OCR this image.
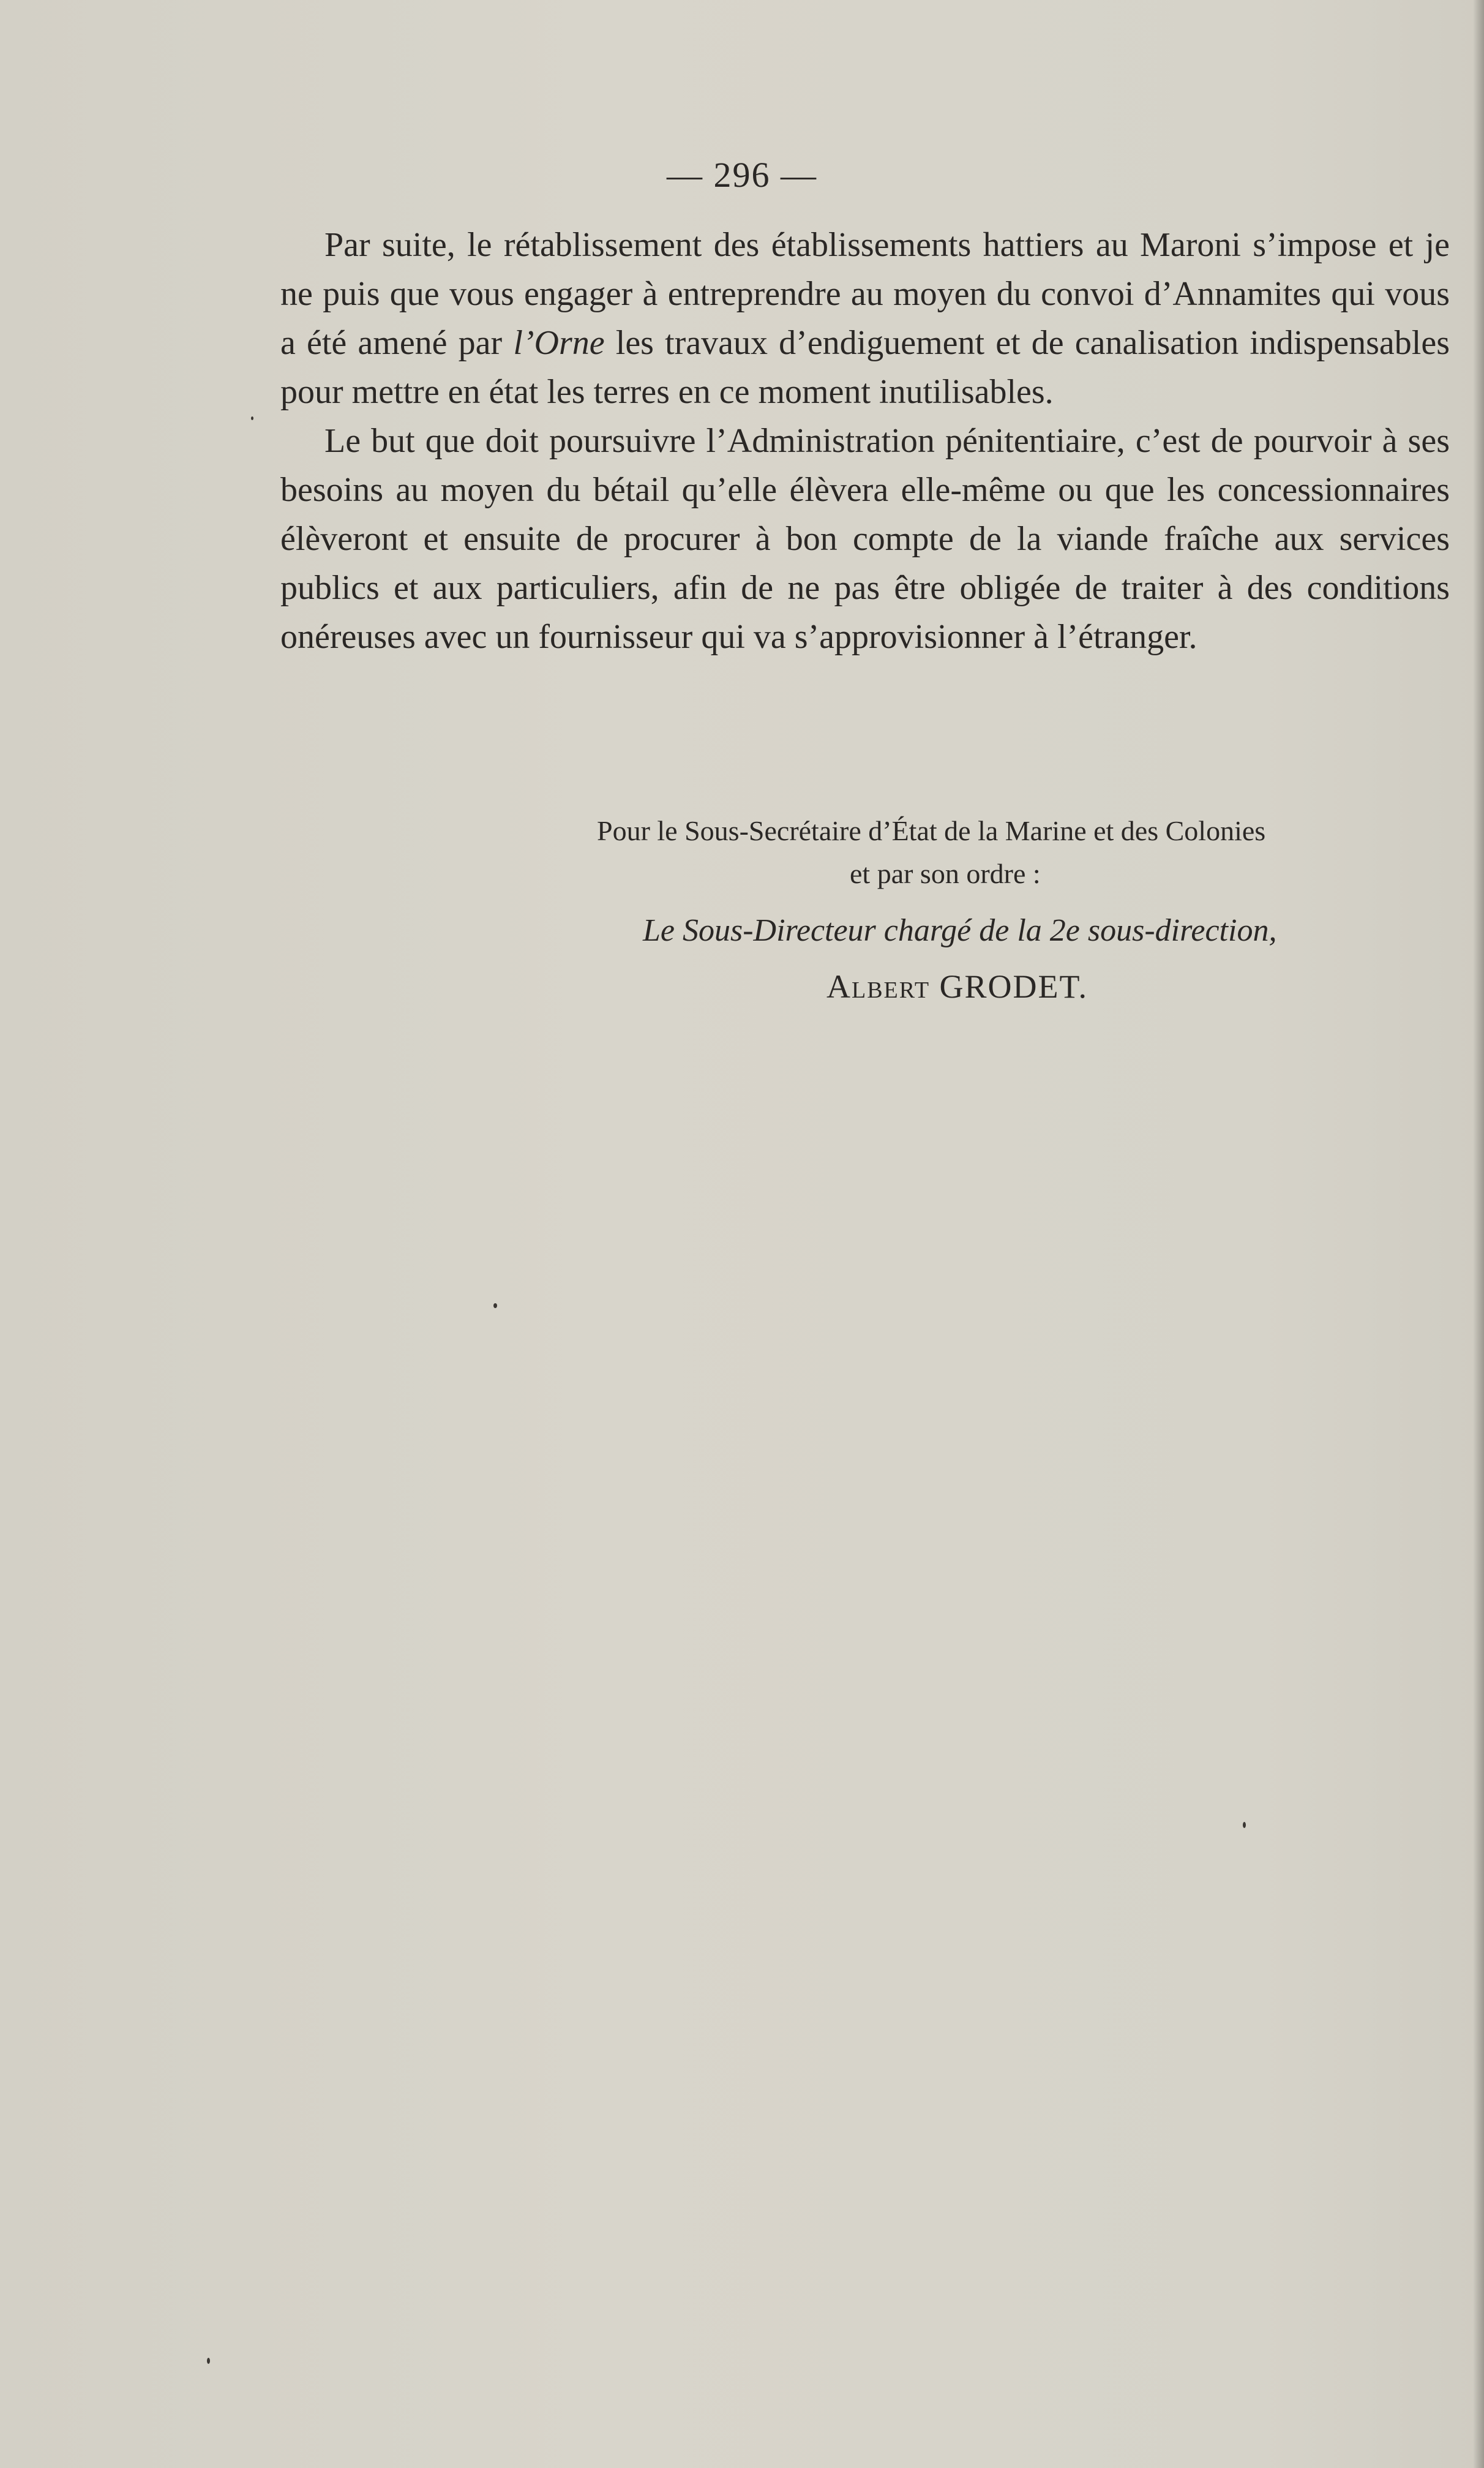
— 296 —

Par suite, le rétablissement des établissements hattiers au Maroni s’impose et je ne puis que vous engager à entreprendre au moyen du convoi d’Annamites qui vous a été amené par l’Orne les travaux d’endiguement et de canalisation indispensables pour mettre en état les terres en ce moment inutilisables.

Le but que doit poursuivre l’Administration pénitentiaire, c’est de pourvoir à ses besoins au moyen du bétail qu’elle élèvera elle-même ou que les concessionnaires élèveront et ensuite de procurer à bon compte de la viande fraîche aux services publics et aux particuliers, afin de ne pas être obligée de traiter à des conditions onéreuses avec un fournisseur qui va s’approvisionner à l’étranger.

Pour le Sous-Secrétaire d’État de la Marine et des Colonies
et par son ordre :
Le Sous-Directeur chargé de la 2e sous-direction,
Albert GRODET.
